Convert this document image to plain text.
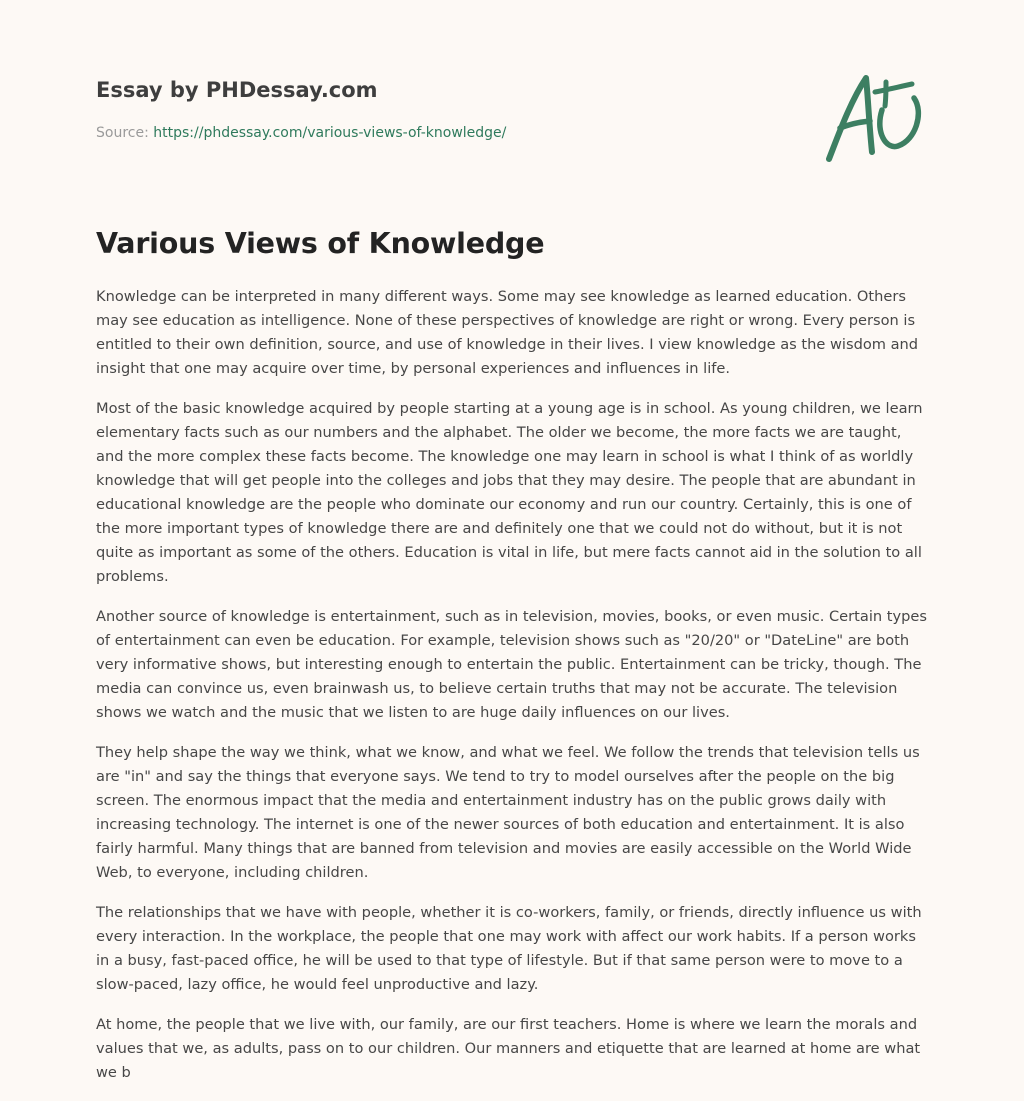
Essay by PHDessay.com
Source: https://phdessay.com/various-views-of-knowledge/
Various Views of Knowledge

Knowledge can be interpreted in many different ways. Some may see knowledge as learned education. Others may see education as intelligence. None of these perspectives of knowledge are right or wrong. Every person is entitled to their own definition, source, and use of knowledge in their lives. I view knowledge as the wisdom and insight that one may acquire over time, by personal experiences and influences in life.

Most of the basic knowledge acquired by people starting at a young age is in school. As young children, we learn elementary facts such as our numbers and the alphabet. The older we become, the more facts we are taught, and the more complex these facts become. The knowledge one may learn in school is what I think of as worldly knowledge that will get people into the colleges and jobs that they may desire. The people that are abundant in educational knowledge are the people who dominate our economy and run our country. Certainly, this is one of the more important types of knowledge there are and definitely one that we could not do without, but it is not quite as important as some of the others. Education is vital in life, but mere facts cannot aid in the solution to all problems.

Another source of knowledge is entertainment, such as in television, movies, books, or even music. Certain types of entertainment can even be education. For example, television shows such as "20/20" or "DateLine" are both very informative shows, but interesting enough to entertain the public. Entertainment can be tricky, though. The media can convince us, even brainwash us, to believe certain truths that may not be accurate. The television shows we watch and the music that we listen to are huge daily influences on our lives.

They help shape the way we think, what we know, and what we feel. We follow the trends that television tells us are "in" and say the things that everyone says. We tend to try to model ourselves after the people on the big screen. The enormous impact that the media and entertainment industry has on the public grows daily with increasing technology. The internet is one of the newer sources of both education and entertainment. It is also fairly harmful. Many things that are banned from television and movies are easily accessible on the World Wide Web, to everyone, including children.

The relationships that we have with people, whether it is co-workers, family, or friends, directly influence us with every interaction. In the workplace, the people that one may work with affect our work habits. If a person works in a busy, fast-paced office, he will be used to that type of lifestyle. But if that same person were to move to a slow-paced, lazy office, he would feel unproductive and lazy.

At home, the people that we live with, our family, are our first teachers. Home is where we learn the morals and values that we, as adults, pass on to our children. Our manners and etiquette that are learned at home are what we b
